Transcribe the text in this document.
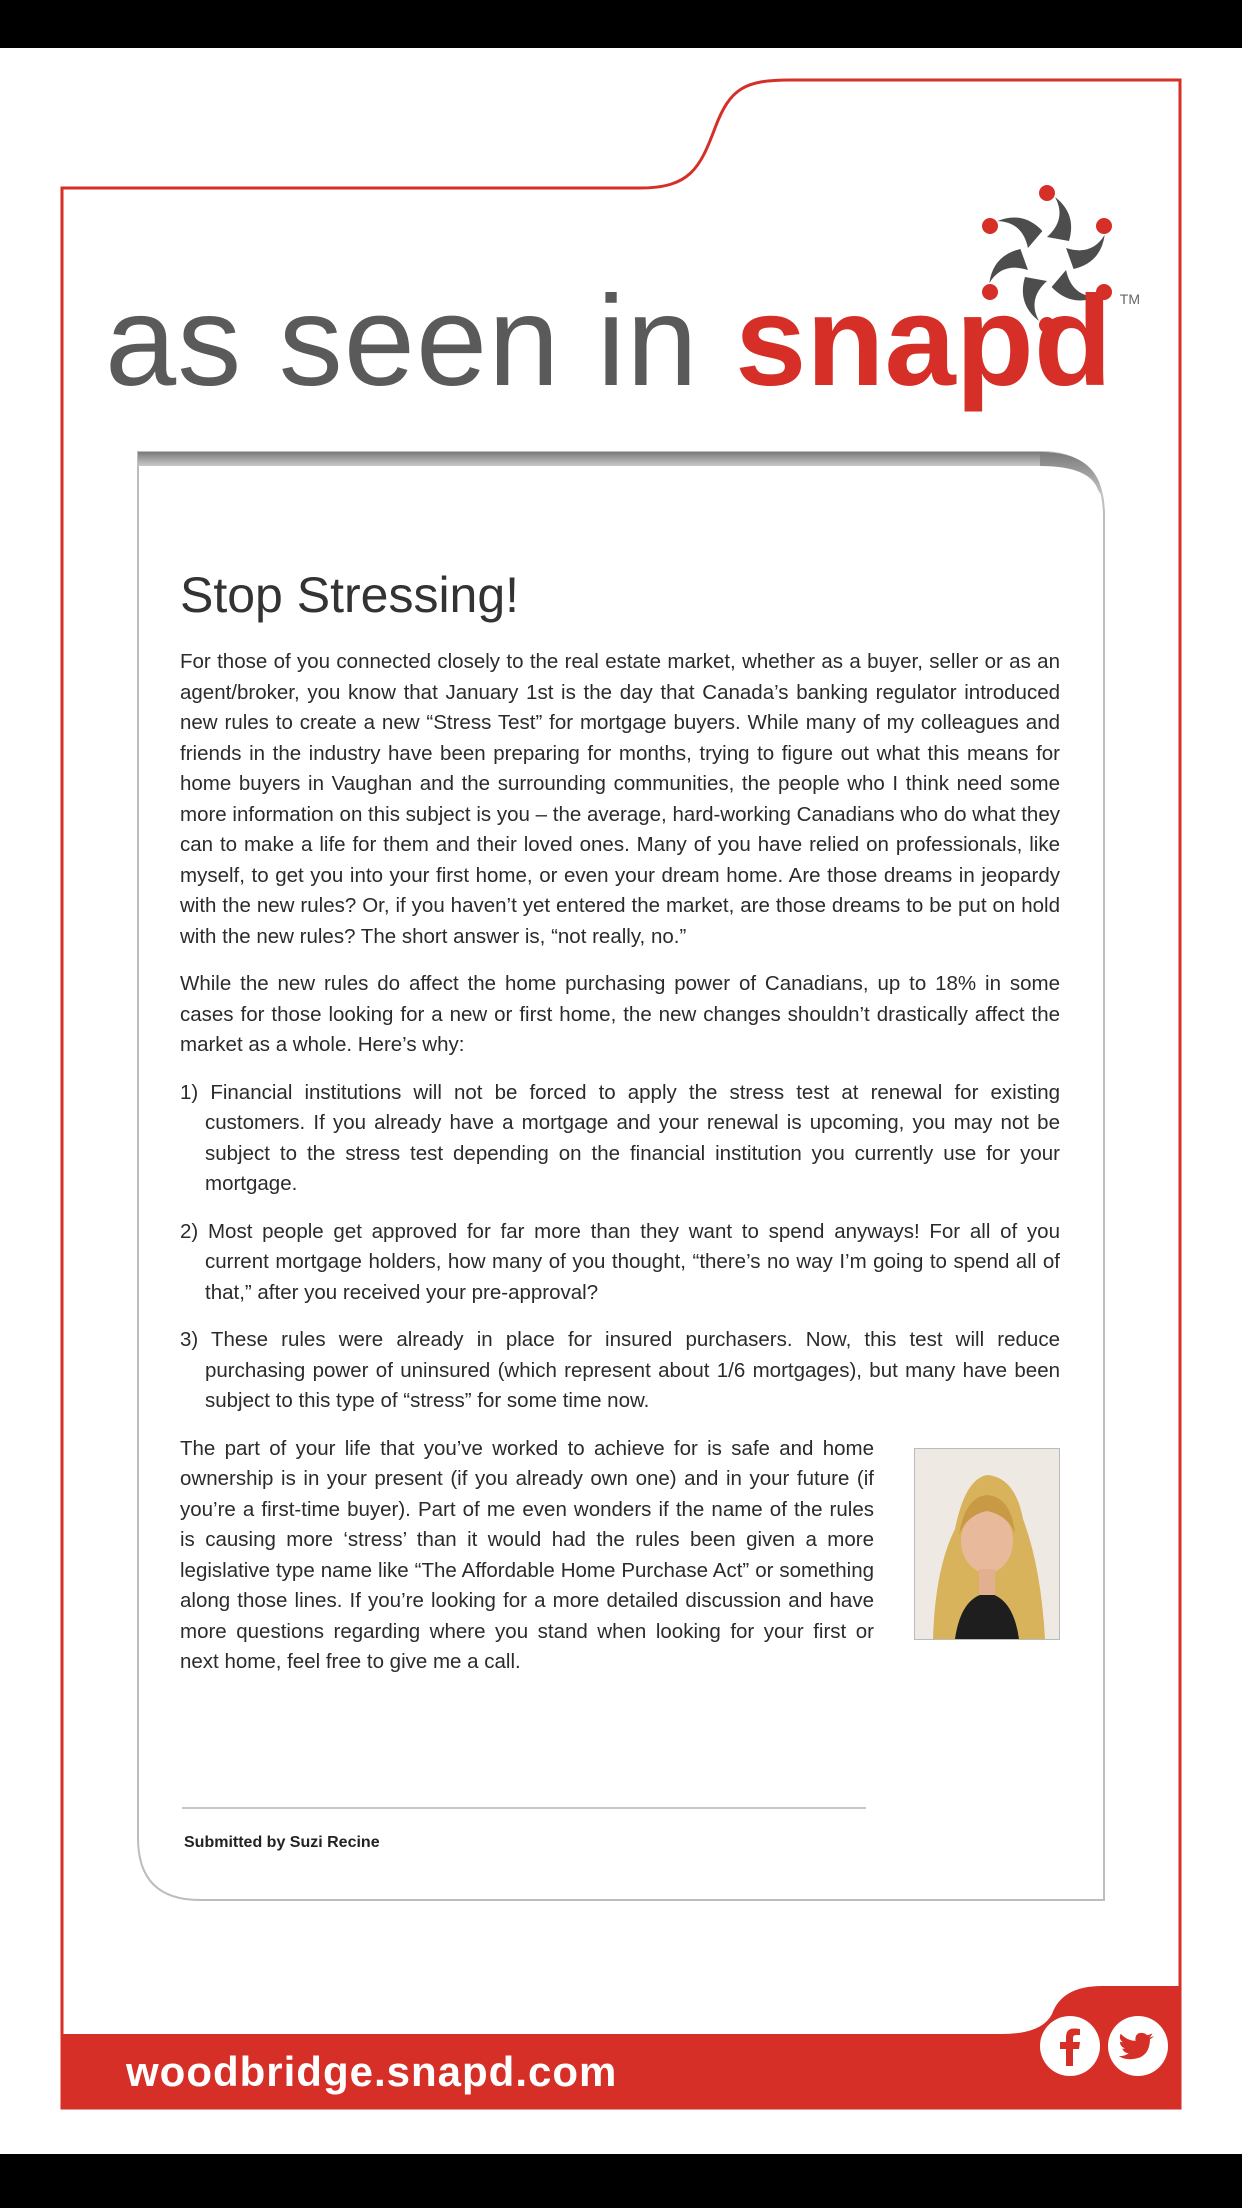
as seen in snapd TM
Stop Stressing!

For those of you connected closely to the real estate market, whether as a buyer, seller or as an agent/broker, you know that January 1st is the day that Canada’s banking regulator introduced new rules to create a new “Stress Test” for mortgage buyers. While many of my colleagues and friends in the industry have been preparing for months, trying to figure out what this means for home buyers in Vaughan and the surrounding communities, the people who I think need some more information on this subject is you – the average, hard-working Canadians who do what they can to make a life for them and their loved ones. Many of you have relied on professionals, like myself, to get you into your first home, or even your dream home. Are those dreams in jeopardy with the new rules? Or, if you haven’t yet entered the market, are those dreams to be put on hold with the new rules? The short answer is, “not really, no.”

While the new rules do affect the home purchasing power of Canadians, up to 18% in some cases for those looking for a new or first home, the new changes shouldn’t drastically affect the market as a whole. Here’s why:

1) Financial institutions will not be forced to apply the stress test at renewal for existing customers. If you already have a mortgage and your renewal is upcoming, you may not be subject to the stress test depending on the financial institution you currently use for your mortgage.
2) Most people get approved for far more than they want to spend anyways! For all of you current mortgage holders, how many of you thought, “there’s no way I’m going to spend all of that,” after you received your pre-approval?
3) These rules were already in place for insured purchasers. Now, this test will reduce purchasing power of uninsured (which represent about 1/6 mortgages), but many have been subject to this type of “stress” for some time now.

The part of your life that you’ve worked to achieve for is safe and home ownership is in your present (if you already own one) and in your future (if you’re a first-time buyer). Part of me even wonders if the name of the rules is causing more ‘stress’ than it would had the rules been given a more legislative type name like “The Affordable Home Purchase Act” or something along those lines. If you’re looking for a more detailed discussion and have more questions regarding where you stand when looking for your first or next home, feel free to give me a call.

Submitted by Suzi Recine
woodbridge.snapd.com
